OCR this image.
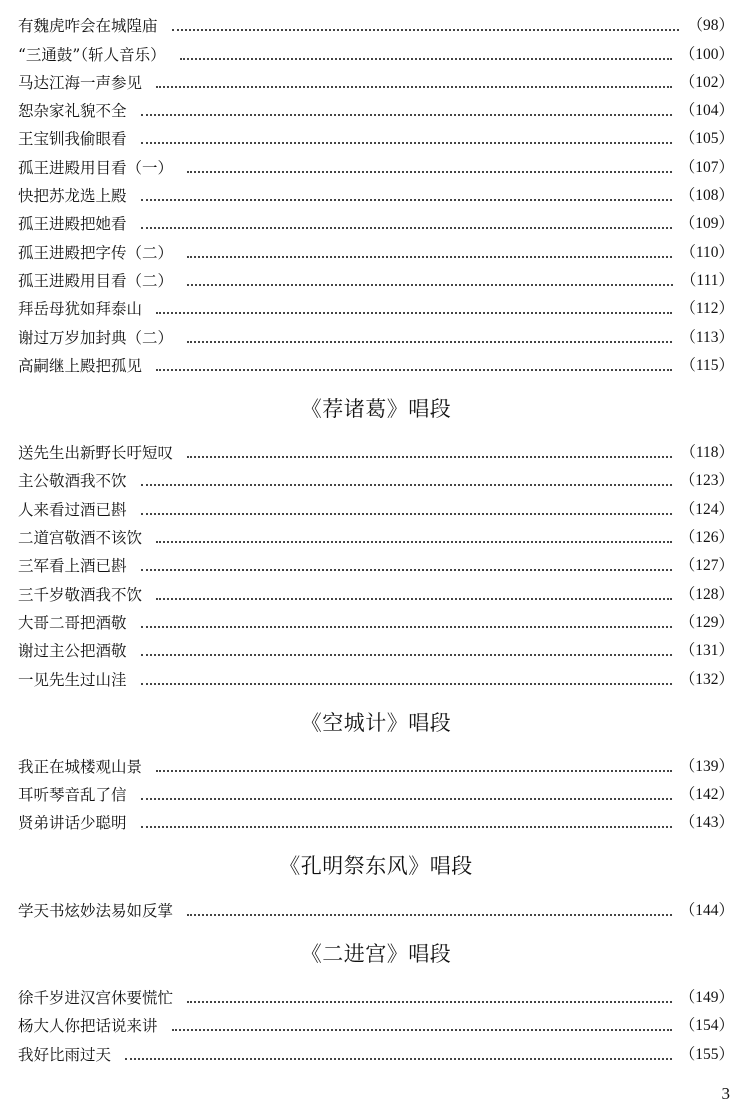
有魏虎咋会在城隍庙	（98）
“三通鼓”（斩人音乐）	（100）
马达江海一声参见	（102）
恕杂家礼貌不全	（104）
王宝钏我偷眼看	（105）
孤王进殿用目看（一）	（107）
快把苏龙选上殿	（108）
孤王进殿把她看	（109）
孤王进殿把字传（二）	（110）
孤王进殿用目看（二）	（111）
拜岳母犹如拜泰山	（112）
谢过万岁加封典（二）	（113）
高嗣继上殿把孤见	（115）
《荐诸葛》唱段
送先生出新野长吁短叹	（118）
主公敬酒我不饮	（123）
人来看过酒已斟	（124）
二道宫敬酒不该饮	（126）
三军看上酒已斟	（127）
三千岁敬酒我不饮	（128）
大哥二哥把酒敬	（129）
谢过主公把酒敬	（131）
一见先生过山洼	（132）
《空城计》唱段
我正在城楼观山景	（139）
耳听琴音乱了信	（142）
贤弟讲话少聪明	（143）
《孔明祭东风》唱段
学天书炫妙法易如反掌	（144）
《二进宫》唱段
徐千岁进汉宫休要慌忙	（149）
杨大人你把话说来讲	（154）
我好比雨过天	（155）
3
